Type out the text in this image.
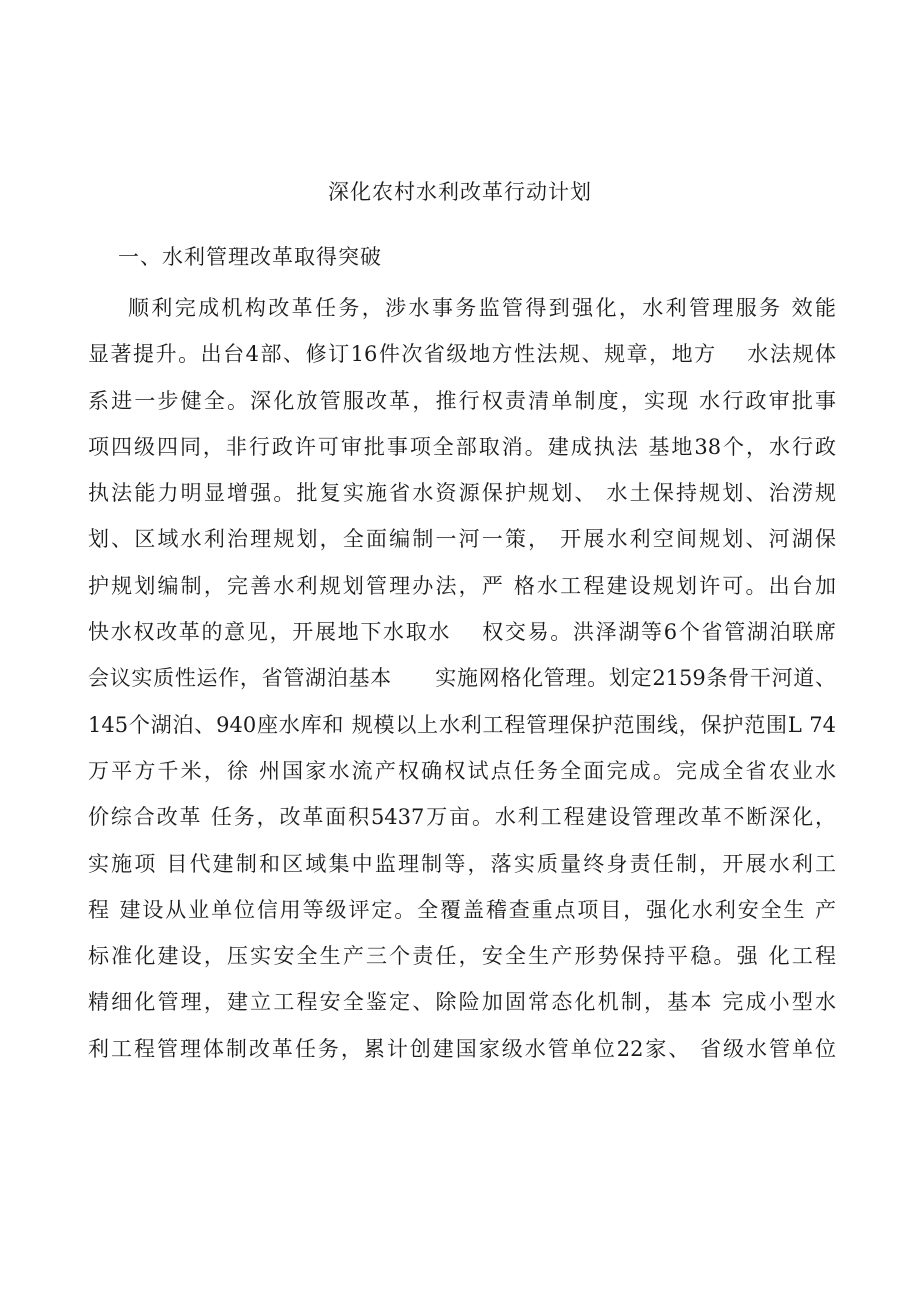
深化农村水利改革行动计划
一、水利管理改革取得突破
顺利完成机构改革任务，涉水事务监管得到强化，水利管理服务 效能
显著提升。出台4部、修订16件次省级地方性法规、规章，地方　 水法规体
系进一步健全。深化放管服改革，推行权责清单制度，实现 水行政审批事
项四级四同，非行政许可审批事项全部取消。建成执法 基地38个，水行政
执法能力明显增强。批复实施省水资源保护规划、 水土保持规划、治涝规
划、区域水利治理规划，全面编制一河一策， 开展水利空间规划、河湖保
护规划编制，完善水利规划管理办法，严 格水工程建设规划许可。出台加
快水权改革的意见，开展地下水取水　 权交易。洪泽湖等6个省管湖泊联席
会议实质性运作，省管湖泊基本　　实施网格化管理。划定2159条骨干河道、
145个湖泊、940座水库和 规模以上水利工程管理保护范围线，保护范围L 74
万平方千米，徐 州国家水流产权确权试点任务全面完成。完成全省农业水
价综合改革 任务，改革面积5437万亩。水利工程建设管理改革不断深化，
实施项 目代建制和区域集中监理制等，落实质量终身责任制，开展水利工
程 建设从业单位信用等级评定。全覆盖稽查重点项目，强化水利安全生 产
标准化建设，压实安全生产三个责任，安全生产形势保持平稳。强 化工程
精细化管理，建立工程安全鉴定、除险加固常态化机制，基本 完成小型水
利工程管理体制改革任务，累计创建国家级水管单位22家、 省级水管单位
